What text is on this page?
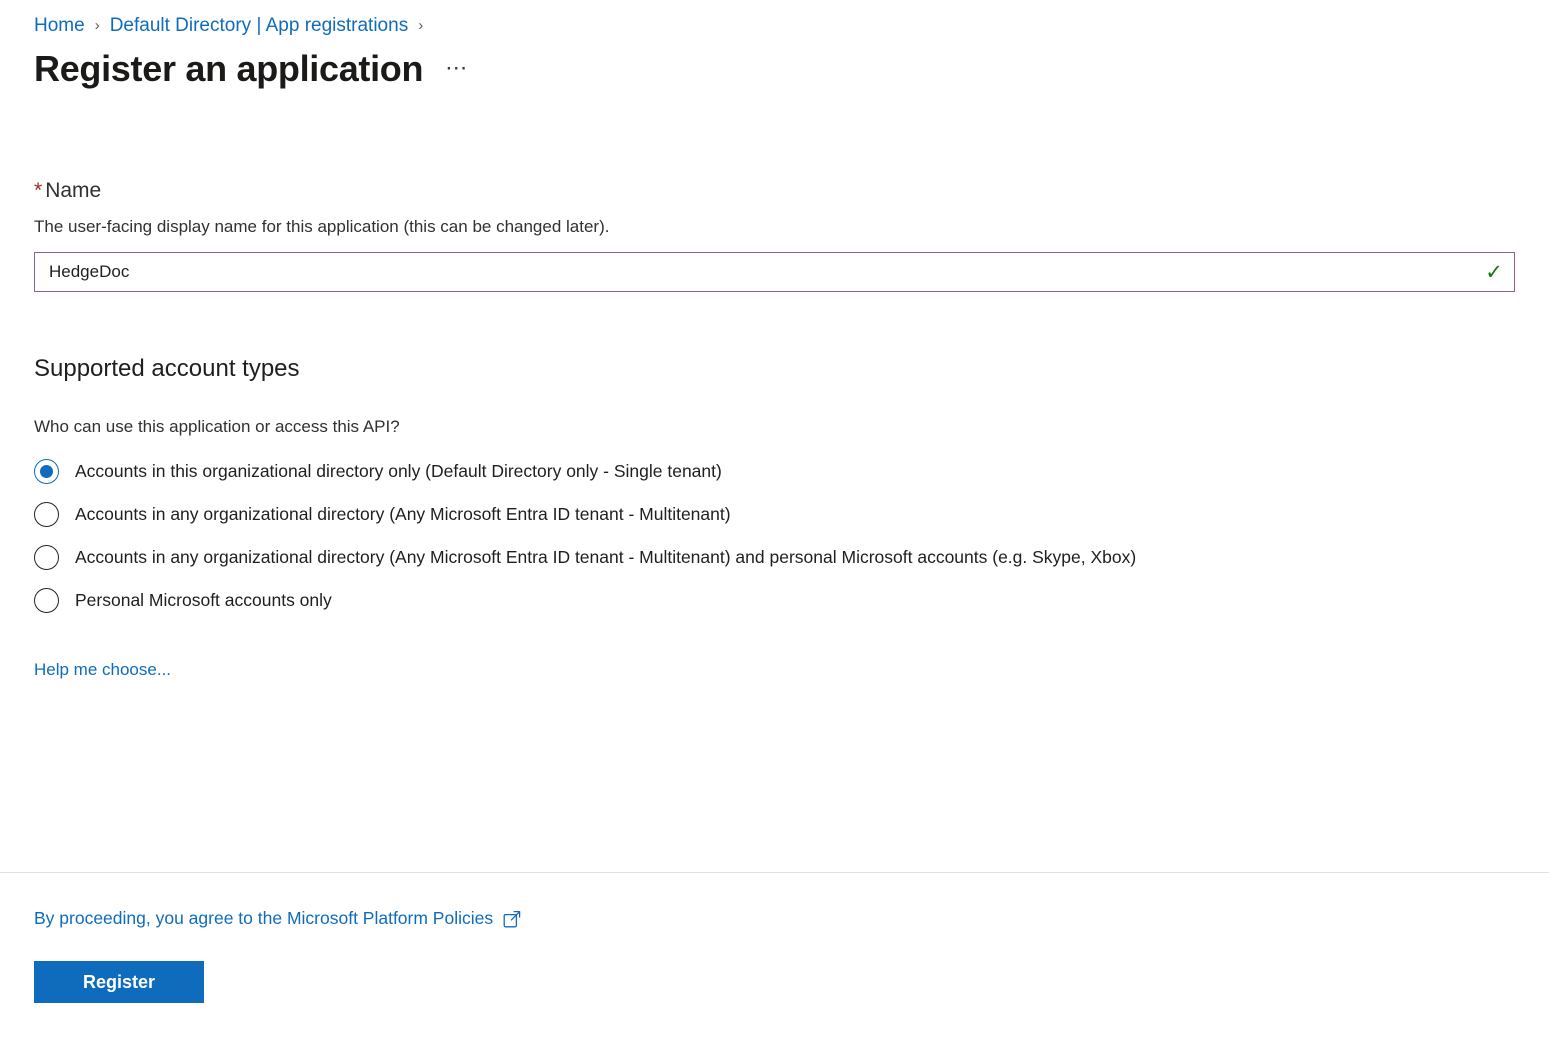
Home › Default Directory | App registrations ›
Register an application ⋯
* Name
The user-facing display name for this application (this can be changed later).
HedgeDoc
✓
Supported account types
Who can use this application or access this API?
Accounts in this organizational directory only (Default Directory only - Single tenant)
Accounts in any organizational directory (Any Microsoft Entra ID tenant - Multitenant)
Accounts in any organizational directory (Any Microsoft Entra ID tenant - Multitenant) and personal Microsoft accounts (e.g. Skype, Xbox)
Personal Microsoft accounts only
Help me choose...
By proceeding, you agree to the Microsoft Platform Policies
Register
